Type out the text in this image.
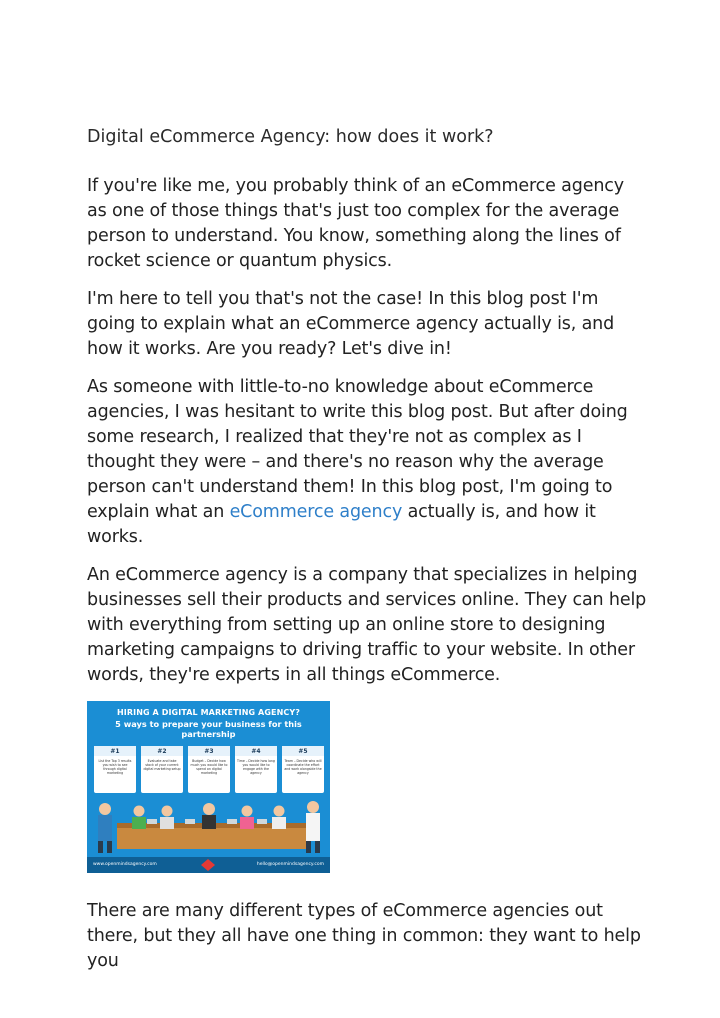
Digital eCommerce Agency: how does it work?

If you're like me, you probably think of an eCommerce agency as one of those things that's just too complex for the average person to understand. You know, something along the lines of rocket science or quantum physics.

I'm here to tell you that's not the case! In this blog post I'm going to explain what an eCommerce agency actually is, and how it works. Are you ready? Let's dive in!

As someone with little-to-no knowledge about eCommerce agencies, I was hesitant to write this blog post. But after doing some research, I realized that they're not as complex as I thought they were – and there's no reason why the average person can't understand them! In this blog post, I'm going to explain what an eCommerce agency actually is, and how it works.

An eCommerce agency is a company that specializes in helping businesses sell their products and services online. They can help with everything from setting up an online store to designing marketing campaigns to driving traffic to your website. In other words, they're experts in all things eCommerce.

HIRING A DIGITAL MARKETING AGENCY?
5 ways to prepare your business for this partnership
#1
List the Top 3 results you wish to see through digital marketing
#2
Evaluate and take stock of your current digital marketing setup
#3
Budget – Decide how much you would like to spend on digital marketing
#4
Time – Decide how long you would like to engage with the agency
#5
Team – Decide who will coordinate the effort and work alongside the agency
www.openmindsagency.com	hello@openmindsagency.com

There are many different types of eCommerce agencies out there, but they all have one thing in common: they want to help you
